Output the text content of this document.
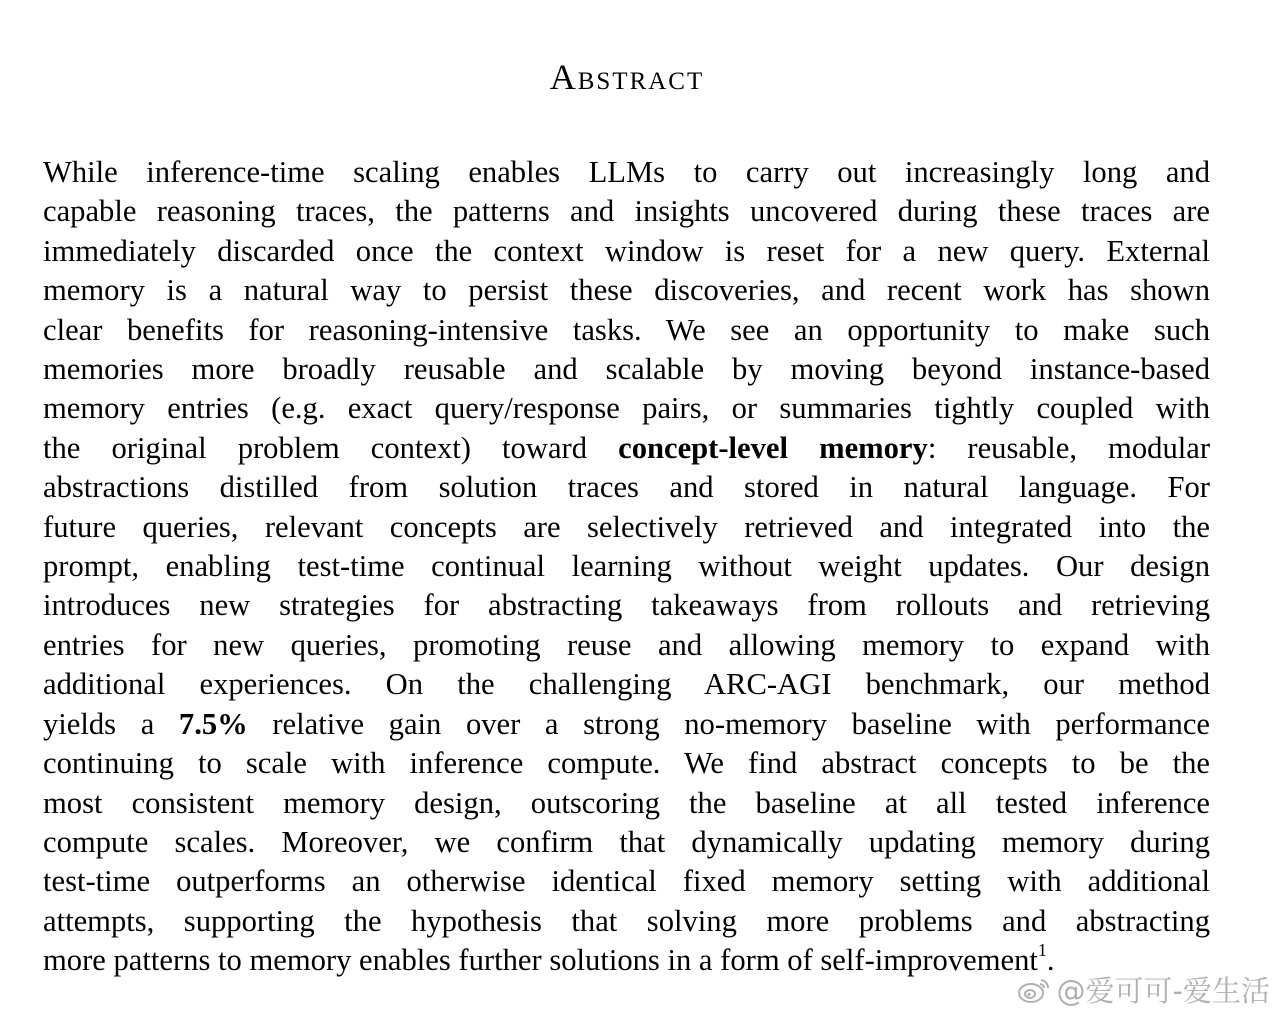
Abstract
While inference-time scaling enables LLMs to carry out increasingly long and
capable reasoning traces, the patterns and insights uncovered during these traces are
immediately discarded once the context window is reset for a new query. External
memory is a natural way to persist these discoveries, and recent work has shown
clear benefits for reasoning-intensive tasks. We see an opportunity to make such
memories more broadly reusable and scalable by moving beyond instance-based
memory entries (e.g. exact query/response pairs, or summaries tightly coupled with
the original problem context) toward concept-level memory: reusable, modular
abstractions distilled from solution traces and stored in natural language. For
future queries, relevant concepts are selectively retrieved and integrated into the
prompt, enabling test-time continual learning without weight updates. Our design
introduces new strategies for abstracting takeaways from rollouts and retrieving
entries for new queries, promoting reuse and allowing memory to expand with
additional experiences. On the challenging ARC-AGI benchmark, our method
yields a 7.5% relative gain over a strong no-memory baseline with performance
continuing to scale with inference compute. We find abstract concepts to be the
most consistent memory design, outscoring the baseline at all tested inference
compute scales. Moreover, we confirm that dynamically updating memory during
test-time outperforms an otherwise identical fixed memory setting with additional
attempts, supporting the hypothesis that solving more problems and abstracting
more patterns to memory enables further solutions in a form of self-improvement$^1$.
@爱可可-爱生活
